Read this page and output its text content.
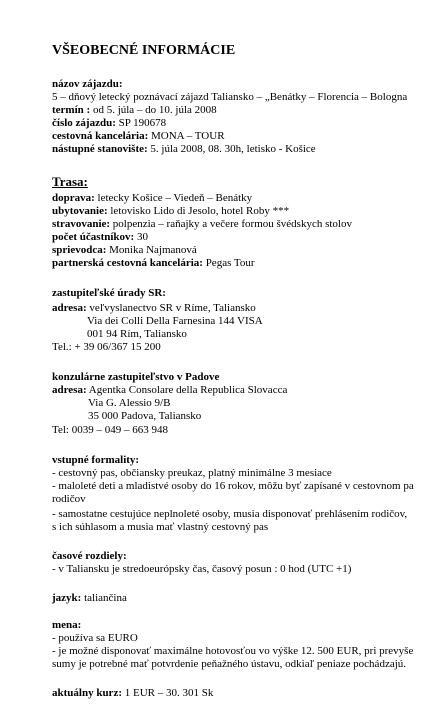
VŠEOBECNÉ INFORMÁCIE
názov zájazdu:
5 – dňový letecký poznávací zájazd Taliansko – „Benátky – Florencia – Bologna
termín : od 5. júla – do 10. júla 2008
číslo zájazdu: SP 190678
cestovná kancelária: MONA – TOUR
nástupné stanovište: 5. júla 2008, 08. 30h, letisko - Košice
Trasa:
doprava: letecky Košice – Viedeň – Benátky
ubytovanie: letovisko Lido di Jesolo, hotel Roby ***
stravovanie: polpenzia – raňajky a večere formou švédskych stolov
počet účastníkov: 30
sprievodca: Monika Najmanová
partnerská cestovná kancelária: Pegas Tour
zastupiteľské úrady SR:
adresa: veľvyslanectvo SR v Ríme, Taliansko
Via dei Colli Della Farnesina 144 VISA
001 94 Rím, Taliansko
Tel.: + 39 06/367 15 200
konzulárne zastupiteľstvo v Padove
adresa: Agentka Consolare della Republica Slovacca
Via G. Alessio 9/B
35 000 Padova, Taliansko
Tel: 0039 – 049 – 663 948
vstupné formality:
- cestovný pas, občiansky preukaz, platný minimálne 3 mesiace
- maloleté deti a mladistvé osoby do 16 rokov, môžu byť zapísané v cestovnom pa
rodičov
- samostatne cestujúce neplnoleté osoby, musia disponovať prehlásením rodičov,
s ich súhlasom a musia mať vlastný cestovný pas
časové rozdiely:
- v Taliansku je stredoeurópsky čas, časový posun : 0 hod (UTC +1)
jazyk: taliančina
mena:
- používa sa EURO
- je možné disponovať maximálne hotovosťou vo výške 12. 500 EUR, pri prevyše
sumy je potrebné mať potvrdenie peňažného ústavu, odkiaľ peniaze pochádzajú.
aktuálny kurz: 1 EUR – 30. 301 Sk
